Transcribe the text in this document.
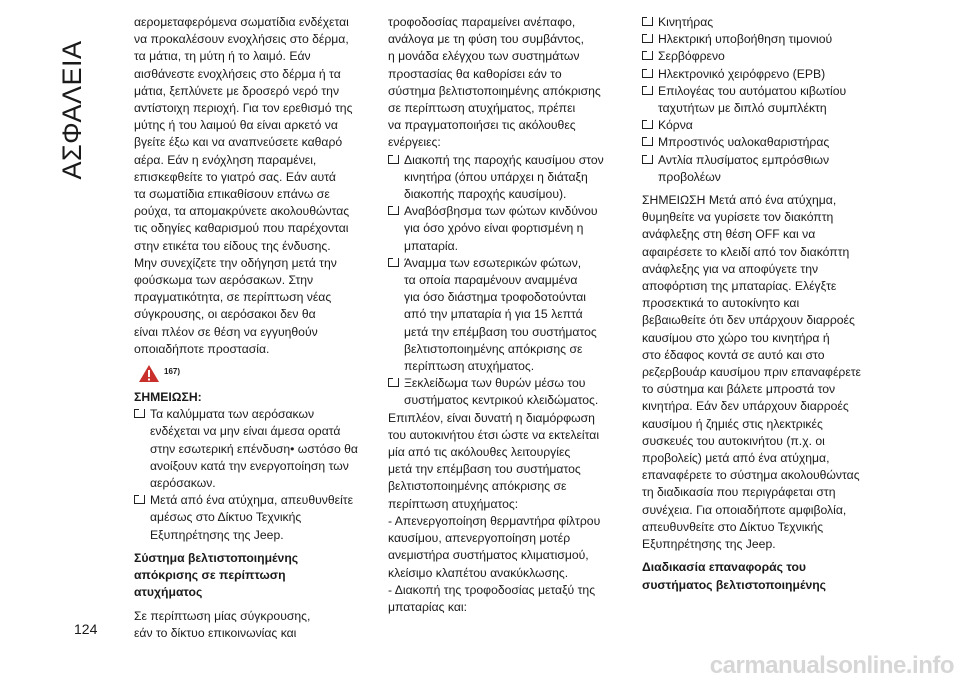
ΑΣΦΑΛΕΙΑ
124

αερομεταφερόμενα σωματίδια ενδέχεται
να προκαλέσουν ενοχλήσεις στο δέρμα,
τα μάτια, τη μύτη ή το λαιμό. Εάν
αισθάνεστε ενοχλήσεις στο δέρμα ή τα
μάτια, ξεπλύνετε με δροσερό νερό την
αντίστοιχη περιοχή. Για τον ερεθισμό της
μύτης ή του λαιμού θα είναι αρκετό να
βγείτε έξω και να αναπνεύσετε καθαρό
αέρα. Εάν η ενόχληση παραμένει,
επισκεφθείτε το γιατρό σας. Εάν αυτά
τα σωματίδια επικαθίσουν επάνω σε
ρούχα, τα απομακρύνετε ακολουθώντας
τις οδηγίες καθαρισμού που παρέχονται
στην ετικέτα του είδους της ένδυσης.
Μην συνεχίζετε την οδήγηση μετά την
φούσκωμα των αερόσακων. Στην
πραγματικότητα, σε περίπτωση νέας
σύγκρουσης, οι αερόσακοι δεν θα
είναι πλέον σε θέση να εγγυηθούν
οποιαδήποτε προστασία.

167)
ΣΗΜΕΙΩΣΗ:
Τα καλύμματα των αερόσακων
ενδέχεται να μην είναι άμεσα ορατά
στην εσωτερική επένδυση• ωστόσο θα
ανοίξουν κατά την ενεργοποίηση των
αερόσακων.
Μετά από ένα ατύχημα, απευθυνθείτε
αμέσως στο Δίκτυο Τεχνικής
Εξυπηρέτησης της Jeep.
Σύστημα βελτιστοποιημένης
απόκρισης σε περίπτωση
ατυχήματος

Σε περίπτωση μίας σύγκρουσης,
εάν το δίκτυο επικοινωνίας και

τροφοδοσίας παραμείνει ανέπαφο,
ανάλογα με τη φύση του συμβάντος,
η μονάδα ελέγχου των συστημάτων
προστασίας θα καθορίσει εάν το
σύστημα βελτιστοποιημένης απόκρισης
σε περίπτωση ατυχήματος, πρέπει
να πραγματοποιήσει τις ακόλουθες
ενέργειες:

Διακοπή της παροχής καυσίμου στον
κινητήρα (όπου υπάρχει η διάταξη
διακοπής παροχής καυσίμου).
Αναβόσβησμα των φώτων κινδύνου
για όσο χρόνο είναι φορτισμένη η
μπαταρία.
Άναμμα των εσωτερικών φώτων,
τα οποία παραμένουν αναμμένα
για όσο διάστημα τροφοδοτούνται
από την μπαταρία ή για 15 λεπτά
μετά την επέμβαση του συστήματος
βελτιστοποιημένης απόκρισης σε
περίπτωση ατυχήματος.
Ξεκλείδωμα των θυρών μέσω του
συστήματος κεντρικού κλειδώματος.

Επιπλέον, είναι δυνατή η διαμόρφωση
του αυτοκινήτου έτσι ώστε να εκτελείται
μία από τις ακόλουθες λειτουργίες
μετά την επέμβαση του συστήματος
βελτιστοποιημένης απόκρισης σε
περίπτωση ατυχήματος:

- Απενεργοποίηση θερμαντήρα φίλτρου
καυσίμου, απενεργοποίηση μοτέρ
ανεμιστήρα συστήματος κλιματισμού,
κλείσιμο κλαπέτου ανακύκλωσης.

- Διακοπή της τροφοδοσίας μεταξύ της
μπαταρίας και:

Κινητήρας
Ηλεκτρική υποβοήθηση τιμονιού
Σερβόφρενο
Ηλεκτρονικό χειρόφρενο (EPB)
Επιλογέας του αυτόματου κιβωτίου
ταχυτήτων με διπλό συμπλέκτη
Κόρνα
Μπροστινός υαλοκαθαριστήρας
Αντλία πλυσίματος εμπρόσθιων
προβολέων

ΣΗΜΕΙΩΣΗ Μετά από ένα ατύχημα,
θυμηθείτε να γυρίσετε τον διακόπτη
ανάφλεξης στη θέση OFF και να
αφαιρέσετε το κλειδί από τον διακόπτη
ανάφλεξης για να αποφύγετε την
αποφόρτιση της μπαταρίας. Ελέγξτε
προσεκτικά το αυτοκίνητο και
βεβαιωθείτε ότι δεν υπάρχουν διαρροές
καυσίμου στο χώρο του κινητήρα ή
στο έδαφος κοντά σε αυτό και στο
ρεζερβουάρ καυσίμου πριν επαναφέρετε
το σύστημα και βάλετε μπροστά τον
κινητήρα. Εάν δεν υπάρχουν διαρροές
καυσίμου ή ζημιές στις ηλεκτρικές
συσκευές του αυτοκινήτου (π.χ. οι
προβολείς) μετά από ένα ατύχημα,
επαναφέρετε το σύστημα ακολουθώντας
τη διαδικασία που περιγράφεται στη
συνέχεια. Για οποιαδήποτε αμφιβολία,
απευθυνθείτε στο Δίκτυο Τεχνικής
Εξυπηρέτησης της Jeep.

Διαδικασία επαναφοράς του
συστήματος βελτιστοποιημένης
carmanualsonline.info
